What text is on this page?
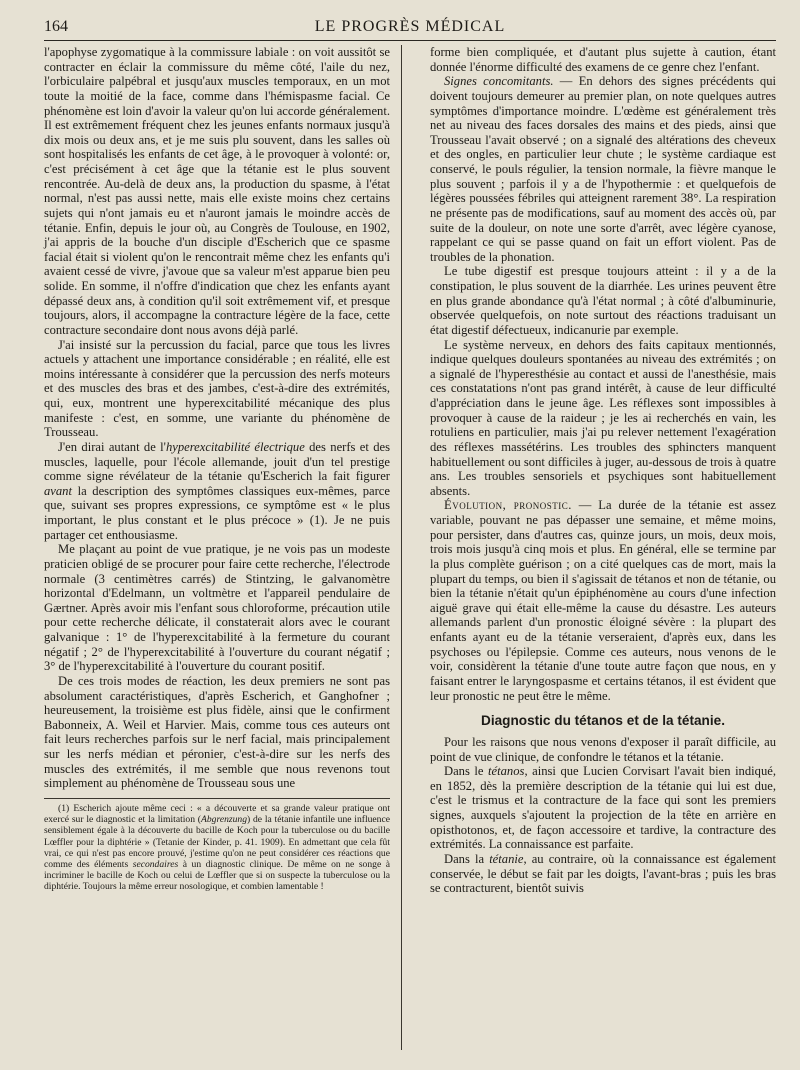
164	LE PROGRÈS MÉDICAL

l'apophyse zygomatique à la commissure labiale : on voit aussitôt se contracter en éclair la commissure du même côté, l'aile du nez, l'orbiculaire palpébral et jusqu'aux muscles temporaux, en un mot toute la moitié de la face, comme dans l'hémispasme facial. Ce phénomène est loin d'avoir la valeur qu'on lui accorde généralement. Il est extrêmement fréquent chez les jeunes enfants normaux jusqu'à dix mois ou deux ans, et je me suis plu souvent, dans les salles où sont hospitalisés les enfants de cet âge, à le provoquer à volonté: or, c'est précisément à cet âge que la tétanie est le plus souvent rencontrée. Au-delà de deux ans, la production du spasme, à l'état normal, n'est pas aussi nette, mais elle existe moins chez certains sujets qui n'ont jamais eu et n'auront jamais le moindre accès de tétanie. Enfin, depuis le jour où, au Congrès de Toulouse, en 1902, j'ai appris de la bouche d'un disciple d'Escherich que ce spasme facial était si violent qu'on le rencontrait même chez les enfants qu'i avaient cessé de vivre, j'avoue que sa valeur m'est apparue bien peu solide. En somme, il n'offre d'indication que chez les enfants ayant dépassé deux ans, à condition qu'il soit extrêmement vif, et presque toujours, alors, il accompagne la contracture légère de la face, cette contracture secondaire dont nous avons déjà parlé.

J'ai insisté sur la percussion du facial, parce que tous les livres actuels y attachent une importance considérable ; en réalité, elle est moins intéressante à considérer que la percussion des nerfs moteurs et des muscles des bras et des jambes, c'est-à-dire des extrémités, qui, eux, montrent une hyperexcitabilité mécanique des plus manifeste : c'est, en somme, une variante du phénomène de Trousseau.

J'en dirai autant de l'hyperexcitabilité électrique des nerfs et des muscles, laquelle, pour l'école allemande, jouit d'un tel prestige comme signe révélateur de la tétanie qu'Escherich la fait figurer avant la description des symptômes classiques eux-mêmes, parce que, suivant ses propres expressions, ce symptôme est « le plus important, le plus constant et le plus précoce » (1). Je ne puis partager cet enthousiasme.

Me plaçant au point de vue pratique, je ne vois pas un modeste praticien obligé de se procurer pour faire cette recherche, l'électrode normale (3 centimètres carrés) de Stintzing, le galvanomètre horizontal d'Edelmann, un voltmètre et l'appareil pendulaire de Gærtner. Après avoir mis l'enfant sous chloroforme, précaution utile pour cette recherche délicate, il constaterait alors avec le courant galvanique : 1° de l'hyperexcitabilité à la fermeture du courant négatif ; 2° de l'hyperexcitabilité à l'ouverture du courant négatif ; 3° de l'hyperexcitabilité à l'ouverture du courant positif.

De ces trois modes de réaction, les deux premiers ne sont pas absolument caractéristiques, d'après Escherich, et Ganghofner ; heureusement, la troisième est plus fidèle, ainsi que le confirment Babonneix, A. Weil et Harvier. Mais, comme tous ces auteurs ont fait leurs recherches parfois sur le nerf facial, mais principalement sur les nerfs médian et péronier, c'est-à-dire sur les nerfs des muscles des extrémités, il me semble que nous revenons tout simplement au phénomène de Trousseau sous une

(1) Escherich ajoute même ceci : « a découverte et sa grande valeur pratique ont exercé sur le diagnostic et la limitation (Abgrenzung) de la tétanie infantile une influence sensiblement égale à la découverte du bacille de Koch pour la tuberculose ou du bacille Lœffler pour la diphtérie » (Tetanie der Kinder, p. 41. 1909). En admettant que cela fût vrai, ce qui n'est pas encore prouvé, j'estime qu'on ne peut considérer ces réactions que comme des éléments secondaires à un diagnostic clinique. De même on ne songe à incriminer le bacille de Koch ou celui de Lœffler que si on suspecte la tuberculose ou la diphtérie. Toujours la même erreur nosologique, et combien lamentable !

forme bien compliquée, et d'autant plus sujette à caution, étant donnée l'énorme difficulté des examens de ce genre chez l'enfant.

Signes concomitants. — En dehors des signes précédents qui doivent toujours demeurer au premier plan, on note quelques autres symptômes d'importance moindre. L'œdème est généralement très net au niveau des faces dorsales des mains et des pieds, ainsi que Trousseau l'avait observé ; on a signalé des altérations des cheveux et des ongles, en particulier leur chute ; le système cardiaque est conservé, le pouls régulier, la tension normale, la fièvre manque le plus souvent ; parfois il y a de l'hypothermie : et quelquefois de légères poussées fébriles qui atteignent rarement 38°. La respiration ne présente pas de modifications, sauf au moment des accès où, par suite de la douleur, on note une sorte d'arrêt, avec légère cyanose, rappelant ce qui se passe quand on fait un effort violent. Pas de troubles de la phonation.

Le tube digestif est presque toujours atteint : il y a de la constipation, le plus souvent de la diarrhée. Les urines peuvent être en plus grande abondance qu'à l'état normal ; à côté d'albuminurie, observée quelquefois, on note surtout des réactions traduisant un état digestif défectueux, indicanurie par exemple.

Le système nerveux, en dehors des faits capitaux mentionnés, indique quelques douleurs spontanées au niveau des extrémités ; on a signalé de l'hyperesthésie au contact et aussi de l'anesthésie, mais ces constatations n'ont pas grand intérêt, à cause de leur difficulté d'appréciation dans le jeune âge. Les réflexes sont impossibles à provoquer à cause de la raideur ; je les ai recherchés en vain, les rotuliens en particulier, mais j'ai pu relever nettement l'exagération des réflexes massétérins. Les troubles des sphincters manquent habituellement ou sont difficiles à juger, au-dessous de trois à quatre ans. Les troubles sensoriels et psychiques sont habituellement absents.

Évolution, pronostic. — La durée de la tétanie est assez variable, pouvant ne pas dépasser une semaine, et même moins, pour persister, dans d'autres cas, quinze jours, un mois, deux mois, trois mois jusqu'à cinq mois et plus. En général, elle se termine par la plus complète guérison ; on a cité quelques cas de mort, mais la plupart du temps, ou bien il s'agissait de tétanos et non de tétanie, ou bien la tétanie n'était qu'un épiphénomène au cours d'une infection aiguë grave qui était elle-même la cause du désastre. Les auteurs allemands parlent d'un pronostic éloigné sévère : la plupart des enfants ayant eu de la tétanie verseraient, d'après eux, dans les psychoses ou l'épilepsie. Comme ces auteurs, nous venons de le voir, considèrent la tétanie d'une toute autre façon que nous, en y faisant entrer le laryngospasme et certains tétanos, il est évident que leur pronostic ne peut être le même.

Diagnostic du tétanos et de la tétanie.

Pour les raisons que nous venons d'exposer il paraît difficile, au point de vue clinique, de confondre le tétanos et la tétanie.

Dans le tétanos, ainsi que Lucien Corvisart l'avait bien indiqué, en 1852, dès la première description de la tétanie qui lui est due, c'est le trismus et la contracture de la face qui sont les premiers signes, auxquels s'ajoutent la projection de la tête en arrière en opisthotonos, et, de façon accessoire et tardive, la contracture des extrémités. La connaissance est parfaite.

Dans la tétanie, au contraire, où la connaissance est également conservée, le début se fait par les doigts, l'avant-bras ; puis les bras se contracturent, bientôt suivis
